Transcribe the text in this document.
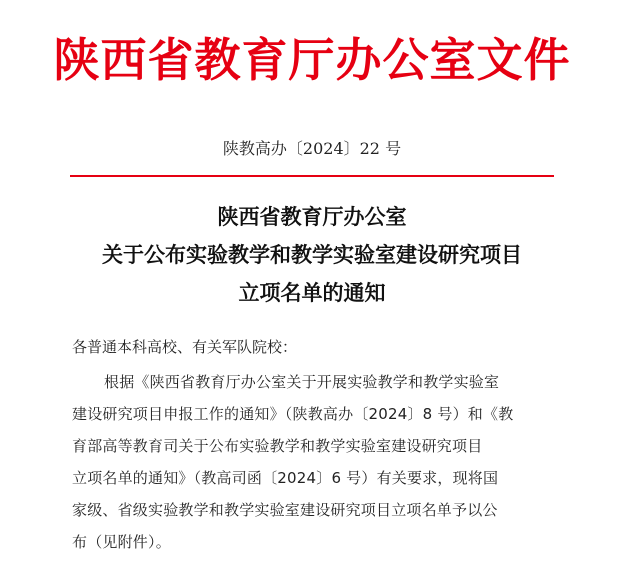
陕西省教育厅办公室文件
陕教高办〔2024〕22 号
陕西省教育厅办公室
关于公布实验教学和教学实验室建设研究项目
立项名单的通知
各普通本科高校、有关军队院校：
根据《陕西省教育厅办公室关于开展实验教学和教学实验室
建设研究项目申报工作的通知》（陕教高办〔2024〕8 号）和《教
育部高等教育司关于公布实验教学和教学实验室建设研究项目
立项名单的通知》（教高司函〔2024〕6 号）有关要求，现将国
家级、省级实验教学和教学实验室建设研究项目立项名单予以公
布（见附件）。
